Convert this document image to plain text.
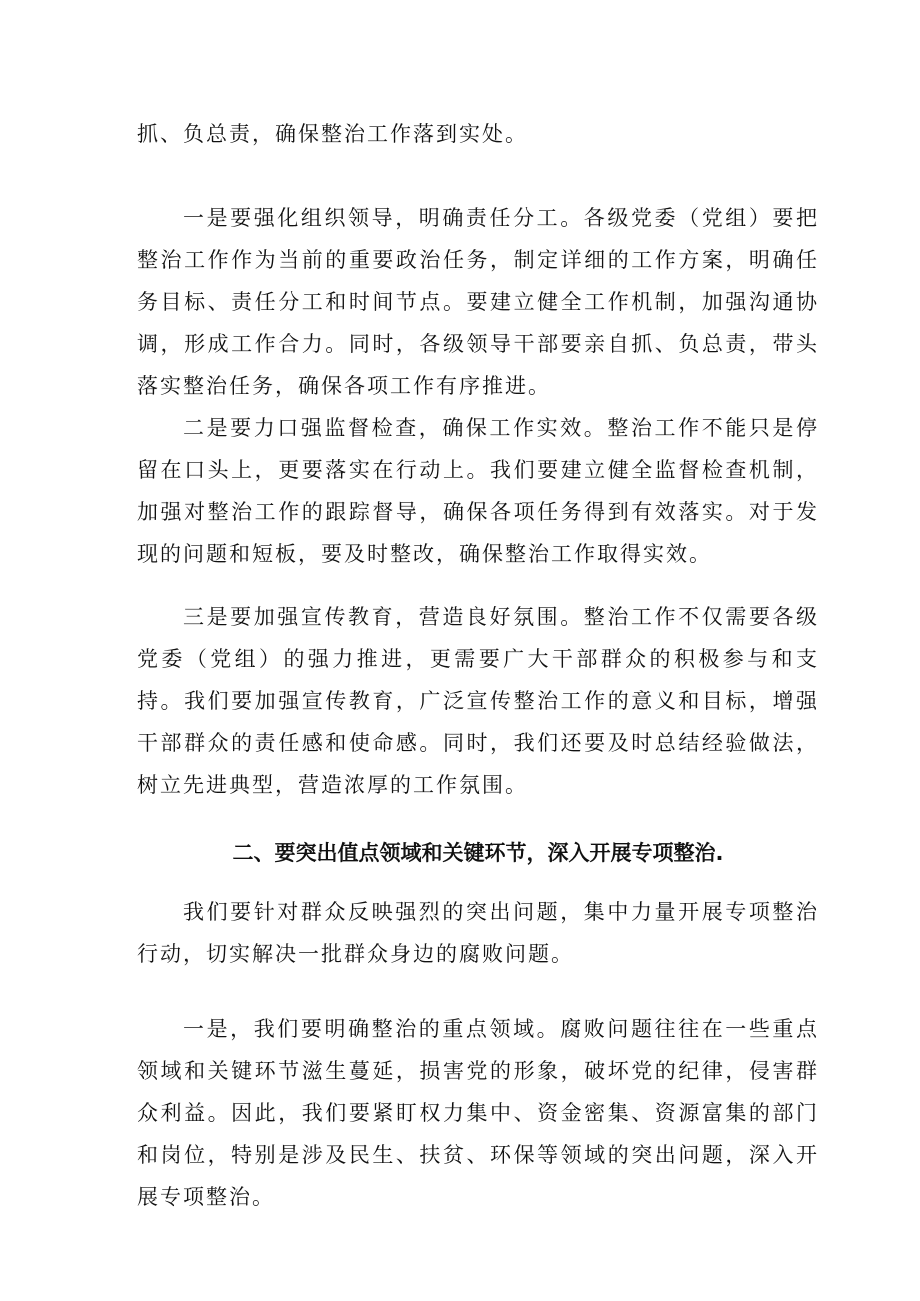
抓、负总责，确保整治工作落到实处。

一是要强化组织领导，明确责任分工。各级党委（党组）要把整治工作作为当前的重要政治任务，制定详细的工作方案，明确任务目标、责任分工和时间节点。要建立健全工作机制，加强沟通协调，形成工作合力。同时，各级领导干部要亲自抓、负总责，带头落实整治任务，确保各项工作有序推进。

二是要力口强监督检查，确保工作实效。整治工作不能只是停留在口头上，更要落实在行动上。我们要建立健全监督检查机制，加强对整治工作的跟踪督导，确保各项任务得到有效落实。对于发现的问题和短板，要及时整改，确保整治工作取得实效。

三是要加强宣传教育，营造良好氛围。整治工作不仅需要各级党委（党组）的强力推进，更需要广大干部群众的积极参与和支持。我们要加强宣传教育，广泛宣传整治工作的意义和目标，增强干部群众的责任感和使命感。同时，我们还要及时总结经验做法，树立先进典型，营造浓厚的工作氛围。

二、要突出值点领域和关键环节，深入开展专项整治.

我们要针对群众反映强烈的突出问题，集中力量开展专项整治行动，切实解决一批群众身边的腐败问题。

一是，我们要明确整治的重点领域。腐败问题往往在一些重点领域和关键环节滋生蔓延，损害党的形象，破坏党的纪律，侵害群众利益。因此，我们要紧盯权力集中、资金密集、资源富集的部门和岗位，特别是涉及民生、扶贫、环保等领域的突出问题，深入开展专项整治。
